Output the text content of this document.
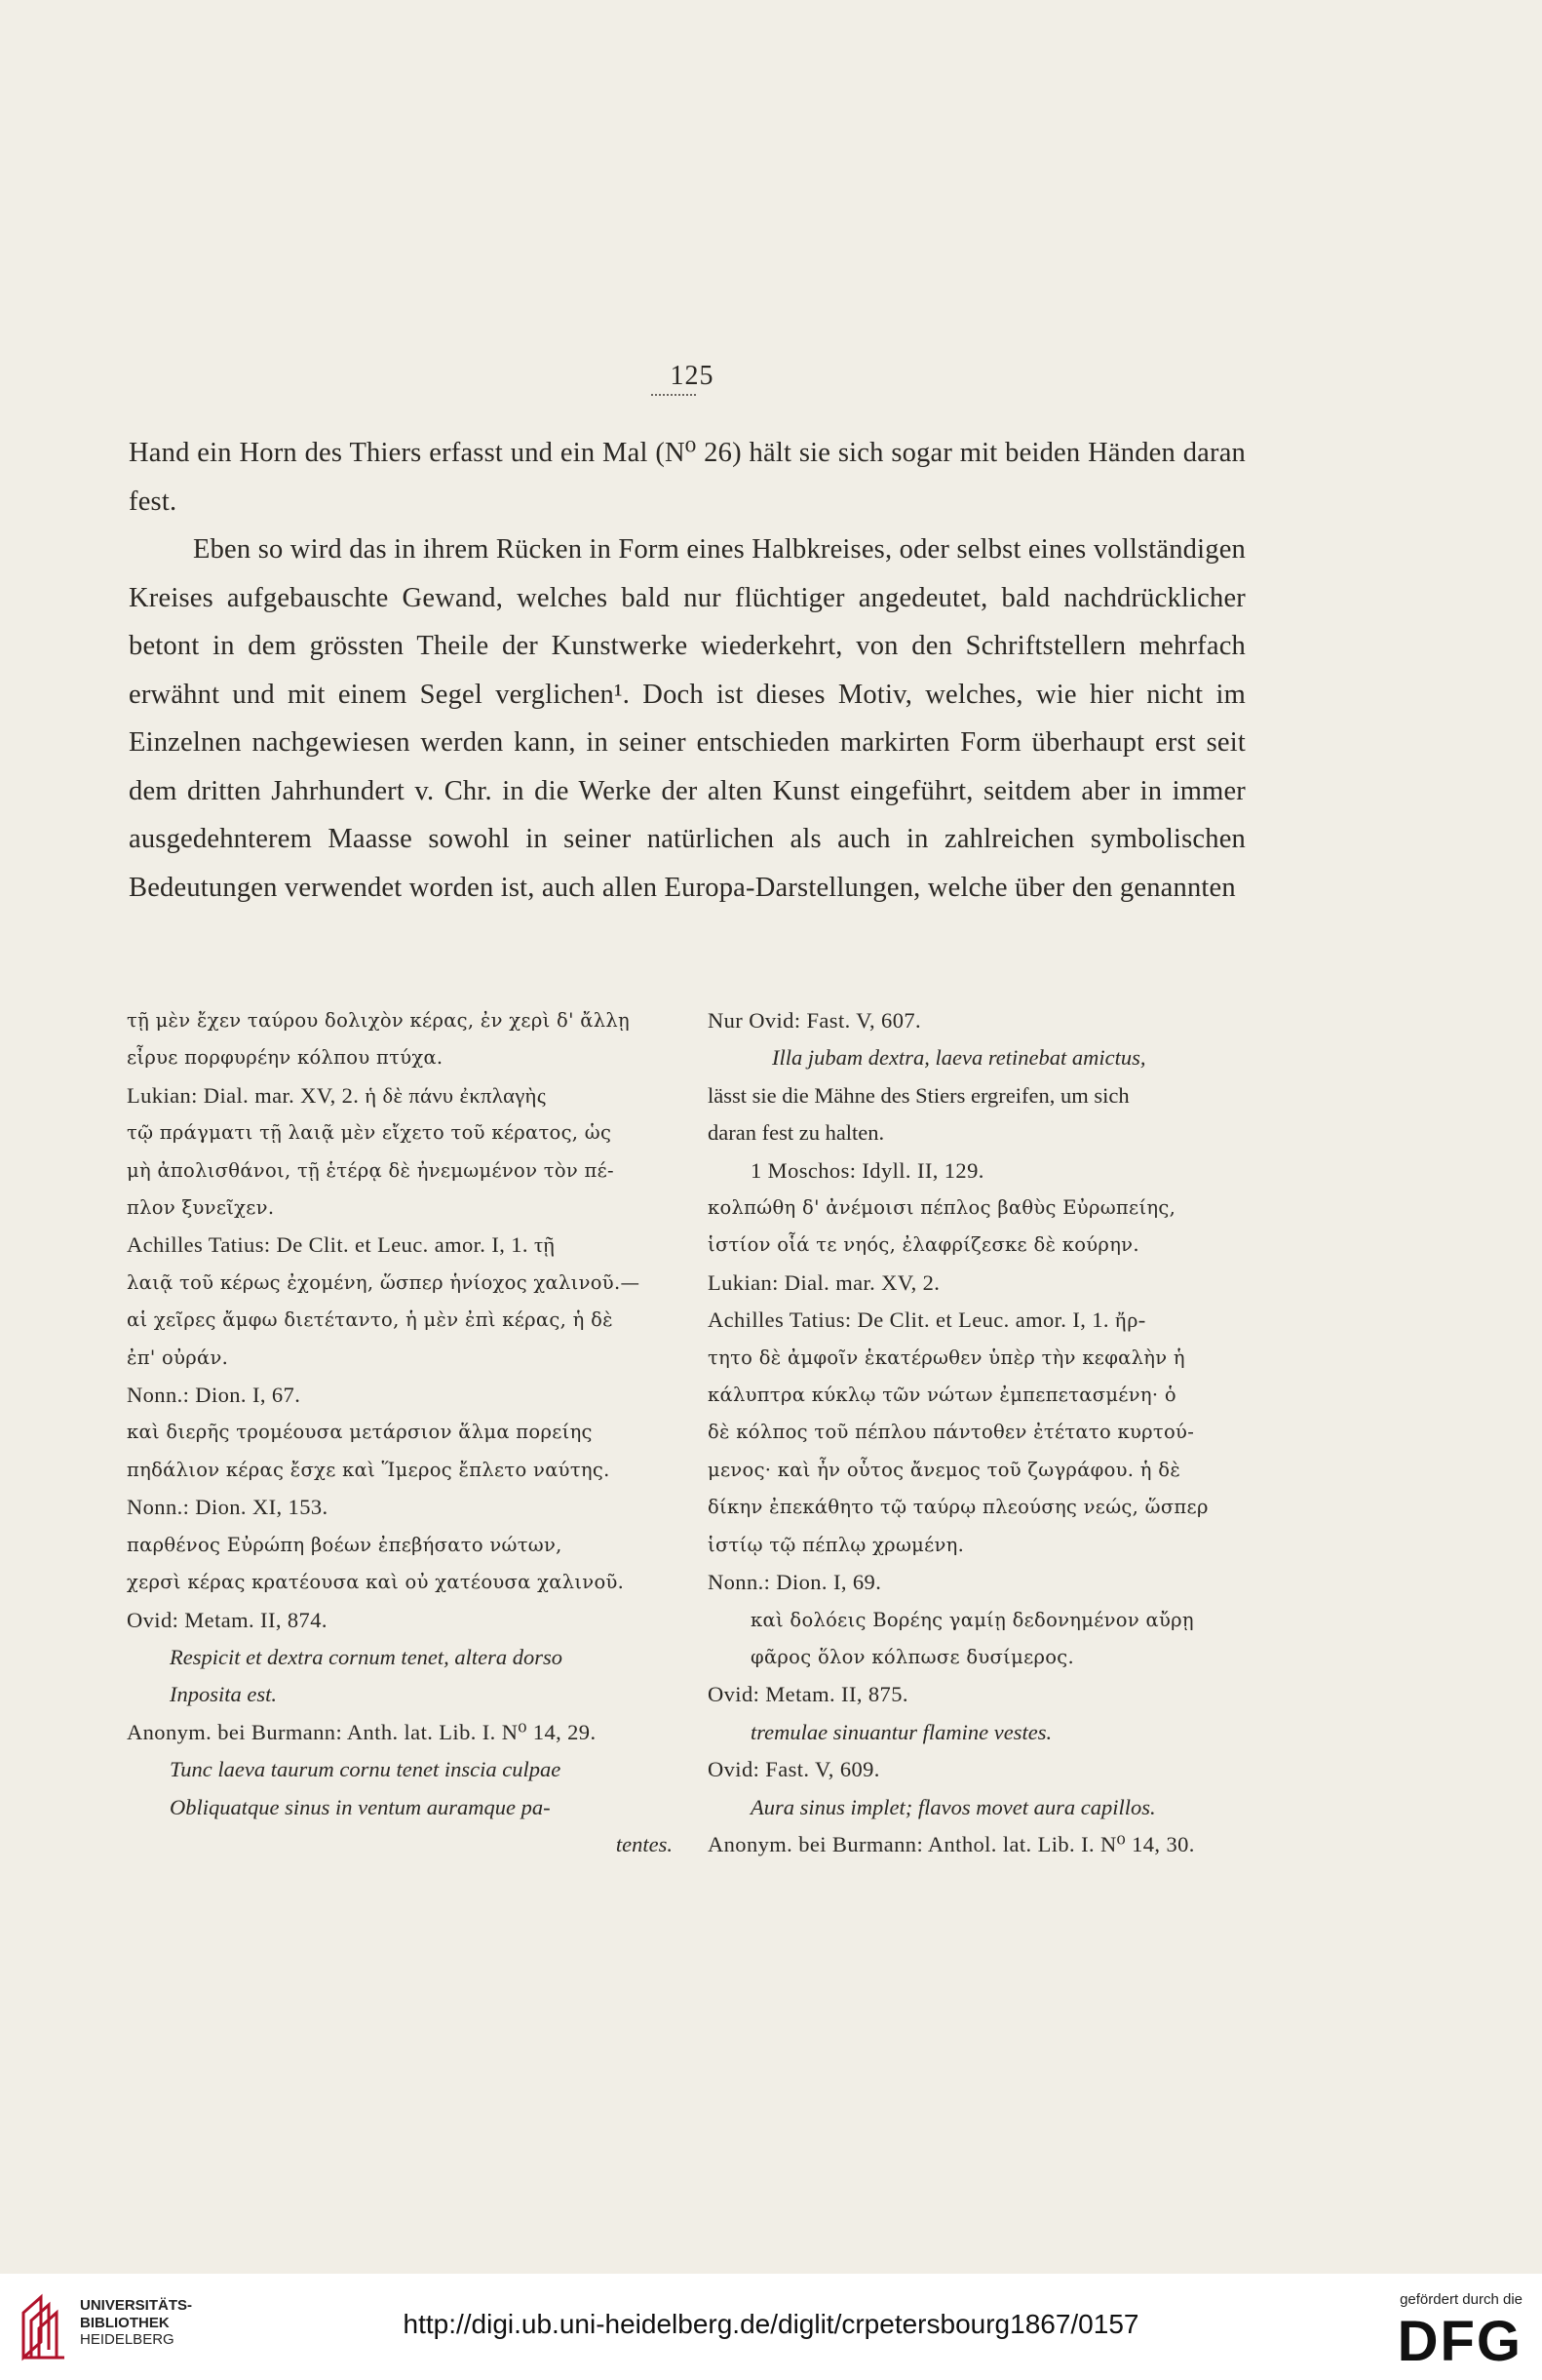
125

Hand ein Horn des Thiers erfasst und ein Mal (N⁰ 26) hält sie sich sogar mit beiden Händen daran fest.

Eben so wird das in ihrem Rücken in Form eines Halbkreises, oder selbst eines vollständigen Kreises aufgebauschte Gewand, welches bald nur flüchtiger angedeutet, bald nachdrücklicher betont in dem grössten Theile der Kunstwerke wiederkehrt, von den Schriftstellern mehrfach erwähnt und mit einem Segel verglichen¹. Doch ist dieses Motiv, welches, wie hier nicht im Einzelnen nachgewiesen werden kann, in seiner entschieden markirten Form überhaupt erst seit dem dritten Jahrhundert v. Chr. in die Werke der alten Kunst eingeführt, seitdem aber in immer ausgedehnterem Maasse sowohl in seiner natürlichen als auch in zahlreichen symbolischen Bedeutungen verwendet worden ist, auch allen Europa-Darstellungen, welche über den genannten

τῇ μὲν ἔχεν ταύρου δολιχὸν κέρας, ἐν χερὶ δ' ἄλλῃ
εἶρυε πορφυρέην κόλπου πτύχα.
Lukian: Dial. mar. XV, 2. ἡ δὲ πάνυ ἐκπλαγὴς
τῷ πράγματι τῇ λαιᾷ μὲν εἴχετο τοῦ κέρατος, ὡς
μὴ ἀπολισθάνοι, τῇ ἑτέρᾳ δὲ ἠνεμωμένον τὸν πέ-
πλον ξυνεῖχεν.
Achilles Tatius: De Clit. et Leuc. amor. I, 1. τῇ
λαιᾷ τοῦ κέρως ἐχομένη, ὥσπερ ἡνίοχος χαλινοῦ.—
αἱ χεῖρες ἄμφω διετέταντο, ἡ μὲν ἐπὶ κέρας, ἡ δὲ
ἐπ' οὐράν.
Nonn.: Dion. I, 67.
καὶ διερῆς τρομέουσα μετάρσιον ἅλμα πορείης
πηδάλιον κέρας ἔσχε καὶ Ἵμερος ἔπλετο ναύτης.
Nonn.: Dion. XI, 153.
παρθένος Εὐρώπη βοέων ἐπεβήσατο νώτων,
χερσὶ κέρας κρατέουσα καὶ οὐ χατέουσα χαλινοῦ.
Ovid: Metam. II, 874.
Respicit et dextra cornum tenet, altera dorso
Inposita est.
Anonym. bei Burmann: Anth. lat. Lib. I. N⁰ 14, 29.
Tunc laeva taurum cornu tenet inscia culpae
Obliquatque sinus in ventum auramque pa-
tentes.
Nur Ovid: Fast. V, 607.
Illa jubam dextra, laeva retinebat amictus,
lässt sie die Mähne des Stiers ergreifen, um sich
daran fest zu halten.
1 Moschos: Idyll. II, 129.
κολπώθη δ' ἀνέμοισι πέπλος βαθὺς Εὐρωπείης,
ἱστίον οἷά τε νηός, ἐλαφρίζεσκε δὲ κούρην.
Lukian: Dial. mar. XV, 2.
Achilles Tatius: De Clit. et Leuc. amor. I, 1. ἤρ-
τητο δὲ ἀμφοῖν ἑκατέρωθεν ὑπὲρ τὴν κεφαλὴν ἡ
κάλυπτρα κύκλῳ τῶν νώτων ἐμπεπετασμένη· ὁ
δὲ κόλπος τοῦ πέπλου πάντοθεν ἐτέτατο κυρτού-
μενος· καὶ ἦν οὗτος ἄνεμος τοῦ ζωγράφου. ἡ δὲ
δίκην ἐπεκάθητο τῷ ταύρῳ πλεούσης νεώς, ὥσπερ
ἱστίῳ τῷ πέπλῳ χρωμένη.
Nonn.: Dion. I, 69.
καὶ δολόεις Βορέης γαμίῃ δεδονημένον αὔρῃ
φᾶρος ὅλον κόλπωσε δυσίμερος.
Ovid: Metam. II, 875.
tremulae sinuantur flamine vestes.
Ovid: Fast. V, 609.
Aura sinus implet; flavos movet aura capillos.
Anonym. bei Burmann: Anthol. lat. Lib. I. N⁰ 14, 30.
UNIVERSITÄTS-
BIBLIOTHEK
HEIDELBERG
http://digi.ub.uni-heidelberg.de/diglit/crpetersbourg1867/0157
gefördert durch die
DFG
